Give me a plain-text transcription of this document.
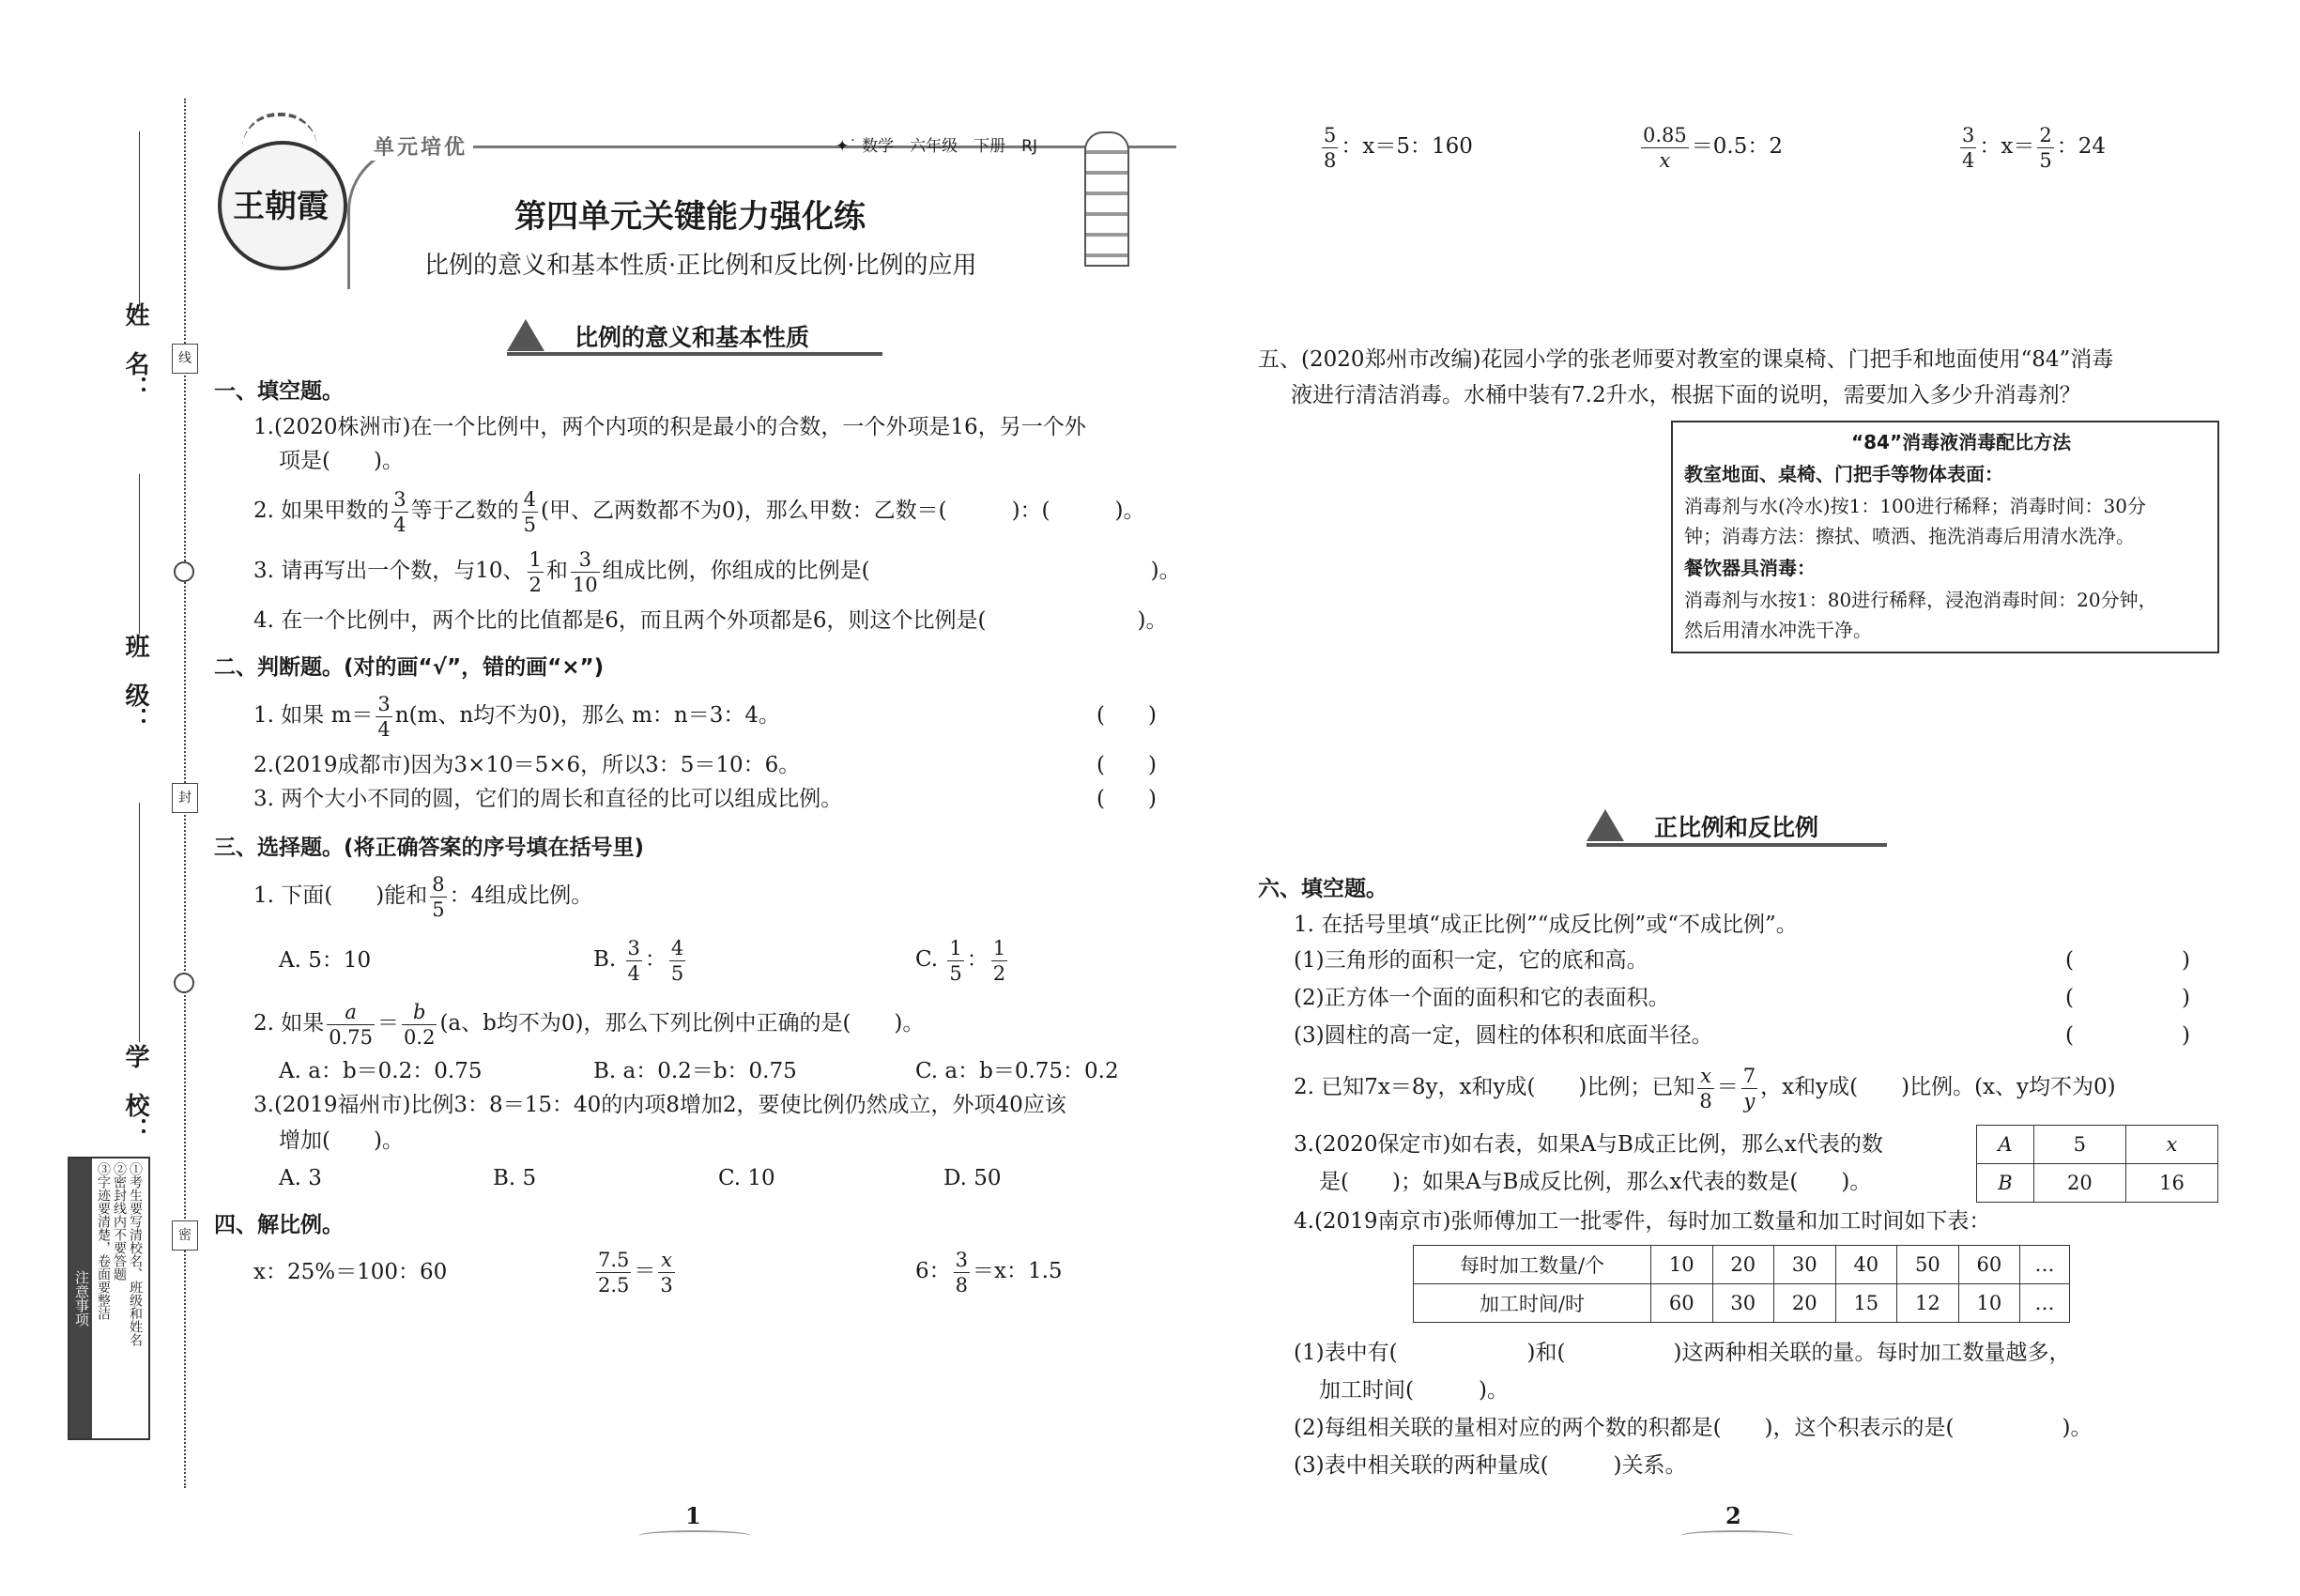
姓　名：
班　级：
学　校：
线
封
密
注意事项	①考生要写清校名、班级和姓名
②密封线内不要答题
③字迹要清楚，卷面要整洁
单元培优	✦˙ 数学　六年级　下册　RJ
王朝霞	第四单元关键能力强化练
比例的意义和基本性质·正比例和反比例·比例的应用
比例的意义和基本性质
一、填空题。
1.(2020株洲市)在一个比例中，两个内项的积是最小的合数，一个外项是16，另一个外
项是(　　)。
2. 如果甲数的 $\frac{3}{4}$ 等于乙数的 $\frac{4}{5}$ (甲、乙两数都不为0)，那么甲数：乙数＝(　　　)：(　　　)。
3. 请再写出一个数，与10、 $\frac{1}{2}$ 和 $\frac{3}{10}$ 组成比例，你组成的比例是(　　　　　　　　　　　　　)。
4. 在一个比例中，两个比的比值都是6，而且两个外项都是6，则这个比例是(　　　　　　　)。
二、判断题。(对的画“√”，错的画“×”)
1. 如果 $m= \frac{3}{4} n(m$、n均不为0)，那么 m：n＝3：4。	(　　)
2.(2019成都市)因为3×10＝5×6，所以3：5＝10：6。	(　　)
3. 两个大小不同的圆，它们的周长和直径的比可以组成比例。	(　　)
三、选择题。(将正确答案的序号填在括号里)
1. 下面(　　)能和 $\frac{8}{5}$ ：4组成比例。
A. 5：10	B. $\frac{3}{4}$ ： $\frac{4}{5}$	C. $\frac{1}{5}$ ： $\frac{1}{2}$
2. 如果 $\frac{a}{0.75} = \frac{b}{0.2} (a$、b均不为0)，那么下列比例中正确的是(　　)。
A. a：b＝0.2：0.75	B. a：0.2＝b：0.75	C. a：b＝0.75：0.2
3.(2019福州市)比例3：8＝15：40的内项8增加2，要使比例仍然成立，外项40应该
增加(　　)。
A. 3	B. 5	C. 10	D. 50
四、解比例。
x：25%＝100：60	$\frac{7.5}{2.5} = \frac{x}{3}$	6： $\frac{3}{8} =x$：1.5
1
$\frac{5}{8}$ ：x＝5：160	$\frac{0.85}{x} =0.5$：2	$\frac{3}{4}$ ：$x= \frac{2}{5}$ ：24
五、(2020郑州市改编)花园小学的张老师要对教室的课桌椅、门把手和地面使用“84”消毒
液进行清洁消毒。水桶中装有7.2升水，根据下面的说明，需要加入多少升消毒剂？
“84”消毒液消毒配比方法
教室地面、桌椅、门把手等物体表面：
消毒剂与水(冷水)按1：100进行稀释；消毒时间：30分
钟；消毒方法：擦拭、喷洒、拖洗消毒后用清水洗净。
餐饮器具消毒：
消毒剂与水按1：80进行稀释，浸泡消毒时间：20分钟，
然后用清水冲洗干净。
正比例和反比例
六、填空题。
1. 在括号里填“成正比例”“成反比例”或“不成比例”。
(1)三角形的面积一定，它的底和高。	(　　　　　)
(2)正方体一个面的面积和它的表面积。	(　　　　　)
(3)圆柱的高一定，圆柱的体积和底面半径。	(　　　　　)
2. 已知7x＝8y，x和y成(　　)比例；已知 $\frac{x}{8} = \frac{7}{y}$ ，x和y成(　　)比例。(x、y均不为0)
3.(2020保定市)如右表，如果A与B成正比例，那么x代表的数
是(　　)；如果A与B成反比例，那么x代表的数是(　　)。
A	5	x
B	20	16
4.(2019南京市)张师傅加工一批零件，每时加工数量和加工时间如下表：
每时加工数量/个	10	20	30	40	50	60	…
加工时间/时	60	30	20	15	12	10	…
(1)表中有(　　　　　　)和(　　　　　)这两种相关联的量。每时加工数量越多，
加工时间(　　　)。
(2)每组相关联的量相对应的两个数的积都是(　　)，这个积表示的是(　　　　　)。
(3)表中相关联的两种量成(　　　)关系。
2
